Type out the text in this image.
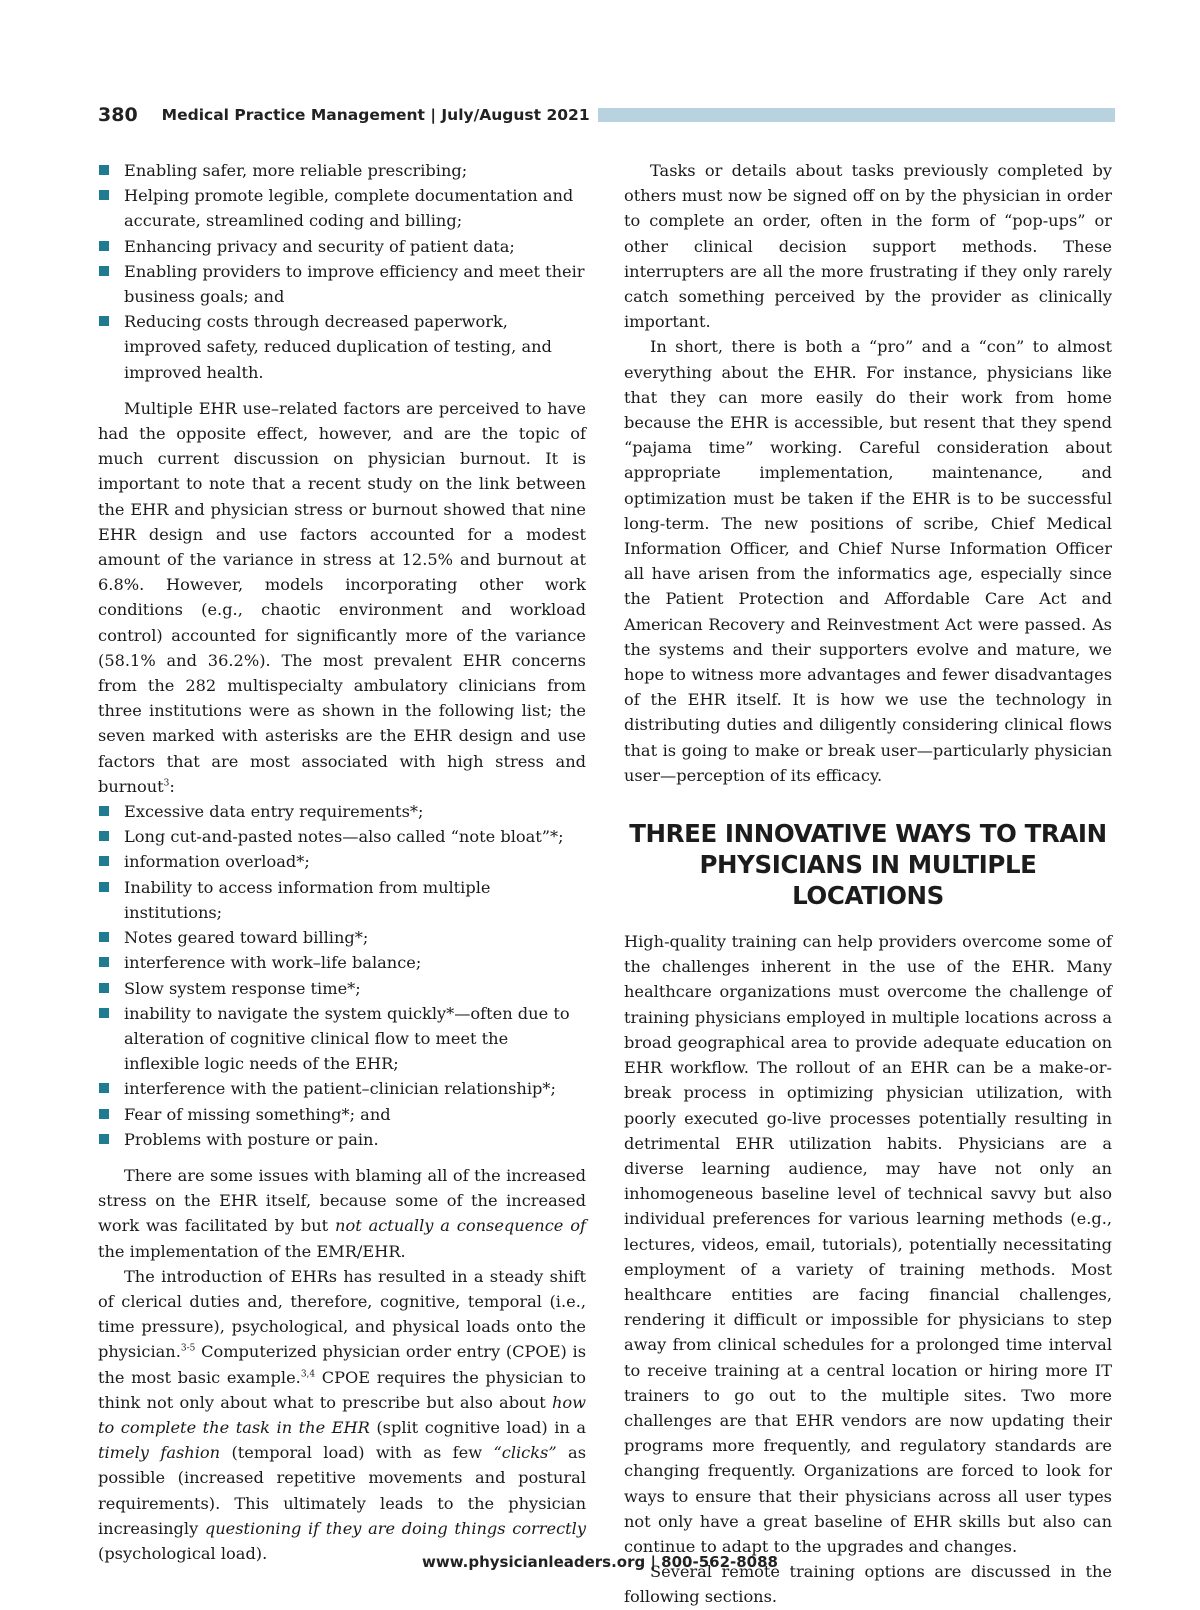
380 Medical Practice Management | July/August 2021
Enabling safer, more reliable prescribing;
Helping promote legible, complete documentation and accurate, streamlined coding and billing;
Enhancing privacy and security of patient data;
Enabling providers to improve efficiency and meet their business goals; and
Reducing costs through decreased paperwork, improved safety, reduced duplication of testing, and improved health.

Multiple EHR use–related factors are perceived to have had the opposite effect, however, and are the topic of much current discussion on physician burnout. It is important to note that a recent study on the link between the EHR and physician stress or burnout showed that nine EHR design and use factors accounted for a modest amount of the variance in stress at 12.5% and burnout at 6.8%. However, models incorporating other work conditions (e.g., chaotic environment and workload control) accounted for significantly more of the variance (58.1% and 36.2%). The most prevalent EHR concerns from the 282 multispecialty ambulatory clinicians from three institutions were as shown in the following list; the seven marked with asterisks are the EHR design and use factors that are most associated with high stress and burnout$^3$:

Excessive data entry requirements*;
Long cut-and-pasted notes—also called “note bloat”*;
information overload*;
Inability to access information from multiple institutions;
Notes geared toward billing*;
interference with work–life balance;
Slow system response time*;
inability to navigate the system quickly*—often due to alteration of cognitive clinical flow to meet the inflexible logic needs of the EHR;
interference with the patient–clinician relationship*;
Fear of missing something*; and
Problems with posture or pain.

There are some issues with blaming all of the increased stress on the EHR itself, because some of the increased work was facilitated by but not actually a consequence of the implementation of the EMR/EHR.

The introduction of EHRs has resulted in a steady shift of clerical duties and, therefore, cognitive, temporal (i.e., time pressure), psychological, and physical loads onto the physician.$^{3-5}$ Computerized physician order entry (CPOE) is the most basic example.$^{3,4}$ CPOE requires the physician to think not only about what to prescribe but also about how to complete the task in the EHR (split cognitive load) in a timely fashion (temporal load) with as few “clicks” as possible (increased repetitive movements and postural requirements). This ultimately leads to the physician increasingly questioning if they are doing things correctly (psychological load).

Tasks or details about tasks previously completed by others must now be signed off on by the physician in order to complete an order, often in the form of “pop-ups” or other clinical decision support methods. These interrupters are all the more frustrating if they only rarely catch something perceived by the provider as clinically important.

In short, there is both a “pro” and a “con” to almost everything about the EHR. For instance, physicians like that they can more easily do their work from home because the EHR is accessible, but resent that they spend “pajama time” working. Careful consideration about appropriate implementation, maintenance, and optimization must be taken if the EHR is to be successful long-term. The new positions of scribe, Chief Medical Information Officer, and Chief Nurse Information Officer all have arisen from the informatics age, especially since the Patient Protection and Affordable Care Act and American Recovery and Reinvestment Act were passed. As the systems and their supporters evolve and mature, we hope to witness more advantages and fewer disadvantages of the EHR itself. It is how we use the technology in distributing duties and diligently considering clinical flows that is going to make or break user—particularly physician user—perception of its efficacy.

THREE INNOVATIVE WAYS TO TRAIN
PHYSICIANS IN MULTIPLE LOCATIONS

High-quality training can help providers overcome some of the challenges inherent in the use of the EHR. Many healthcare organizations must overcome the challenge of training physicians employed in multiple locations across a broad geographical area to provide adequate education on EHR workflow. The rollout of an EHR can be a make-or-break process in optimizing physician utilization, with poorly executed go-live processes potentially resulting in detrimental EHR utilization habits. Physicians are a diverse learning audience, may have not only an inhomogeneous baseline level of technical savvy but also individual preferences for various learning methods (e.g., lectures, videos, email, tutorials), potentially necessitating employment of a variety of training methods. Most healthcare entities are facing financial challenges, rendering it difficult or impossible for physicians to step away from clinical schedules for a prolonged time interval to receive training at a central location or hiring more IT trainers to go out to the multiple sites. Two more challenges are that EHR vendors are now updating their programs more frequently, and regulatory standards are changing frequently. Organizations are forced to look for ways to ensure that their physicians across all user types not only have a great baseline of EHR skills but also can continue to adapt to the upgrades and changes.

Several remote training options are discussed in the following sections.

www.physicianleaders.org | 800-562-8088
